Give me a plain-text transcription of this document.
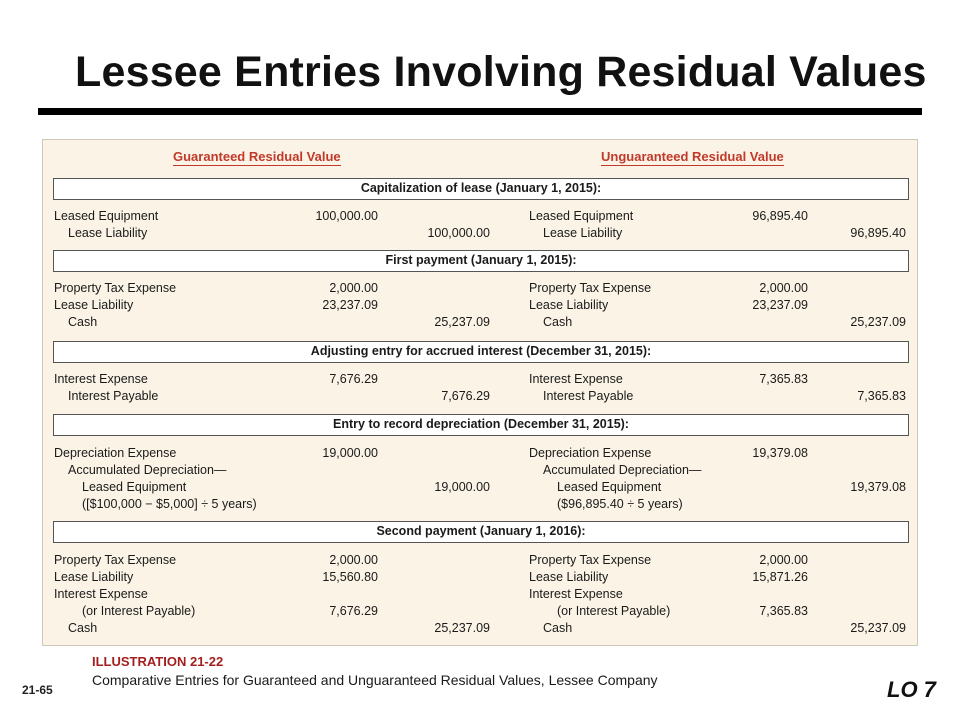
Lessee Entries Involving Residual Values
Guaranteed Residual Value	Unguaranteed Residual Value
Capitalization of lease (January 1, 2015):
Leased Equipment	100,000.00
Lease Liability	100,000.00
Leased Equipment	96,895.40
Lease Liability	96,895.40
First payment (January 1, 2015):
Property Tax Expense	2,000.00
Lease Liability	23,237.09
Cash	25,237.09
Property Tax Expense	2,000.00
Lease Liability	23,237.09
Cash	25,237.09
Adjusting entry for accrued interest (December 31, 2015):
Interest Expense	7,676.29
Interest Payable	7,676.29
Interest Expense	7,365.83
Interest Payable	7,365.83
Entry to record depreciation (December 31, 2015):
Depreciation Expense	19,000.00
Accumulated Depreciation—
Leased Equipment	19,000.00
([$100,000 − $5,000] ÷ 5 years)
Depreciation Expense	19,379.08
Accumulated Depreciation—
Leased Equipment	19,379.08
($96,895.40 ÷ 5 years)
Second payment (January 1, 2016):
Property Tax Expense	2,000.00
Lease Liability	15,560.80
Interest Expense
(or Interest Payable)	7,676.29
Cash	25,237.09
Property Tax Expense	2,000.00
Lease Liability	15,871.26
Interest Expense
(or Interest Payable)	7,365.83
Cash	25,237.09
21-65
ILLUSTRATION 21-22
Comparative Entries for Guaranteed and Unguaranteed Residual Values, Lessee Company	LO 7
